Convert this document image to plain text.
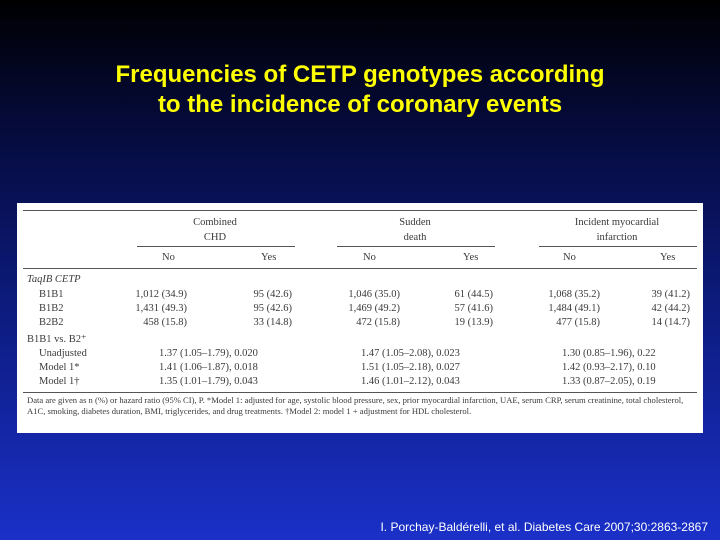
Frequencies of CETP genotypes according
to the incidence of coronary events
Combined
CHD
Sudden
death
Incident myocardial
infarction
No	Yes	No	Yes	No	Yes
TaqIB CETP
B1B1	1,012 (34.9)	95 (42.6)	1,046 (35.0)	61 (44.5)	1,068 (35.2)	39 (41.2)
B1B2	1,431 (49.3)	95 (42.6)	1,469 (49.2)	57 (41.6)	1,484 (49.1)	42 (44.2)
B2B2	458 (15.8)	33 (14.8)	472 (15.8)	19 (13.9)	477 (15.8)	14 (14.7)
B1B1 vs. B2⁺
Unadjusted	1.37 (1.05–1.79), 0.020	1.47 (1.05–2.08), 0.023	1.30 (0.85–1.96), 0.22
Model 1*	1.41 (1.06–1.87), 0.018	1.51 (1.05–2.18), 0.027	1.42 (0.93–2.17), 0.10
Model 1†	1.35 (1.01–1.79), 0.043	1.46 (1.01–2.12), 0.043	1.33 (0.87–2.05), 0.19
Data are given as n (%) or hazard ratio (95% CI), P. *Model 1: adjusted for age, systolic blood pressure, sex, prior myocardial infarction, UAE, serum CRP, serum creatinine, total cholesterol, A1C, smoking, diabetes duration, BMI, triglycerides, and drug treatments. †Model 2: model 1 + adjustment for HDL cholesterol.
I. Porchay-Baldérelli, et al. Diabetes Care 2007;30:2863-2867
